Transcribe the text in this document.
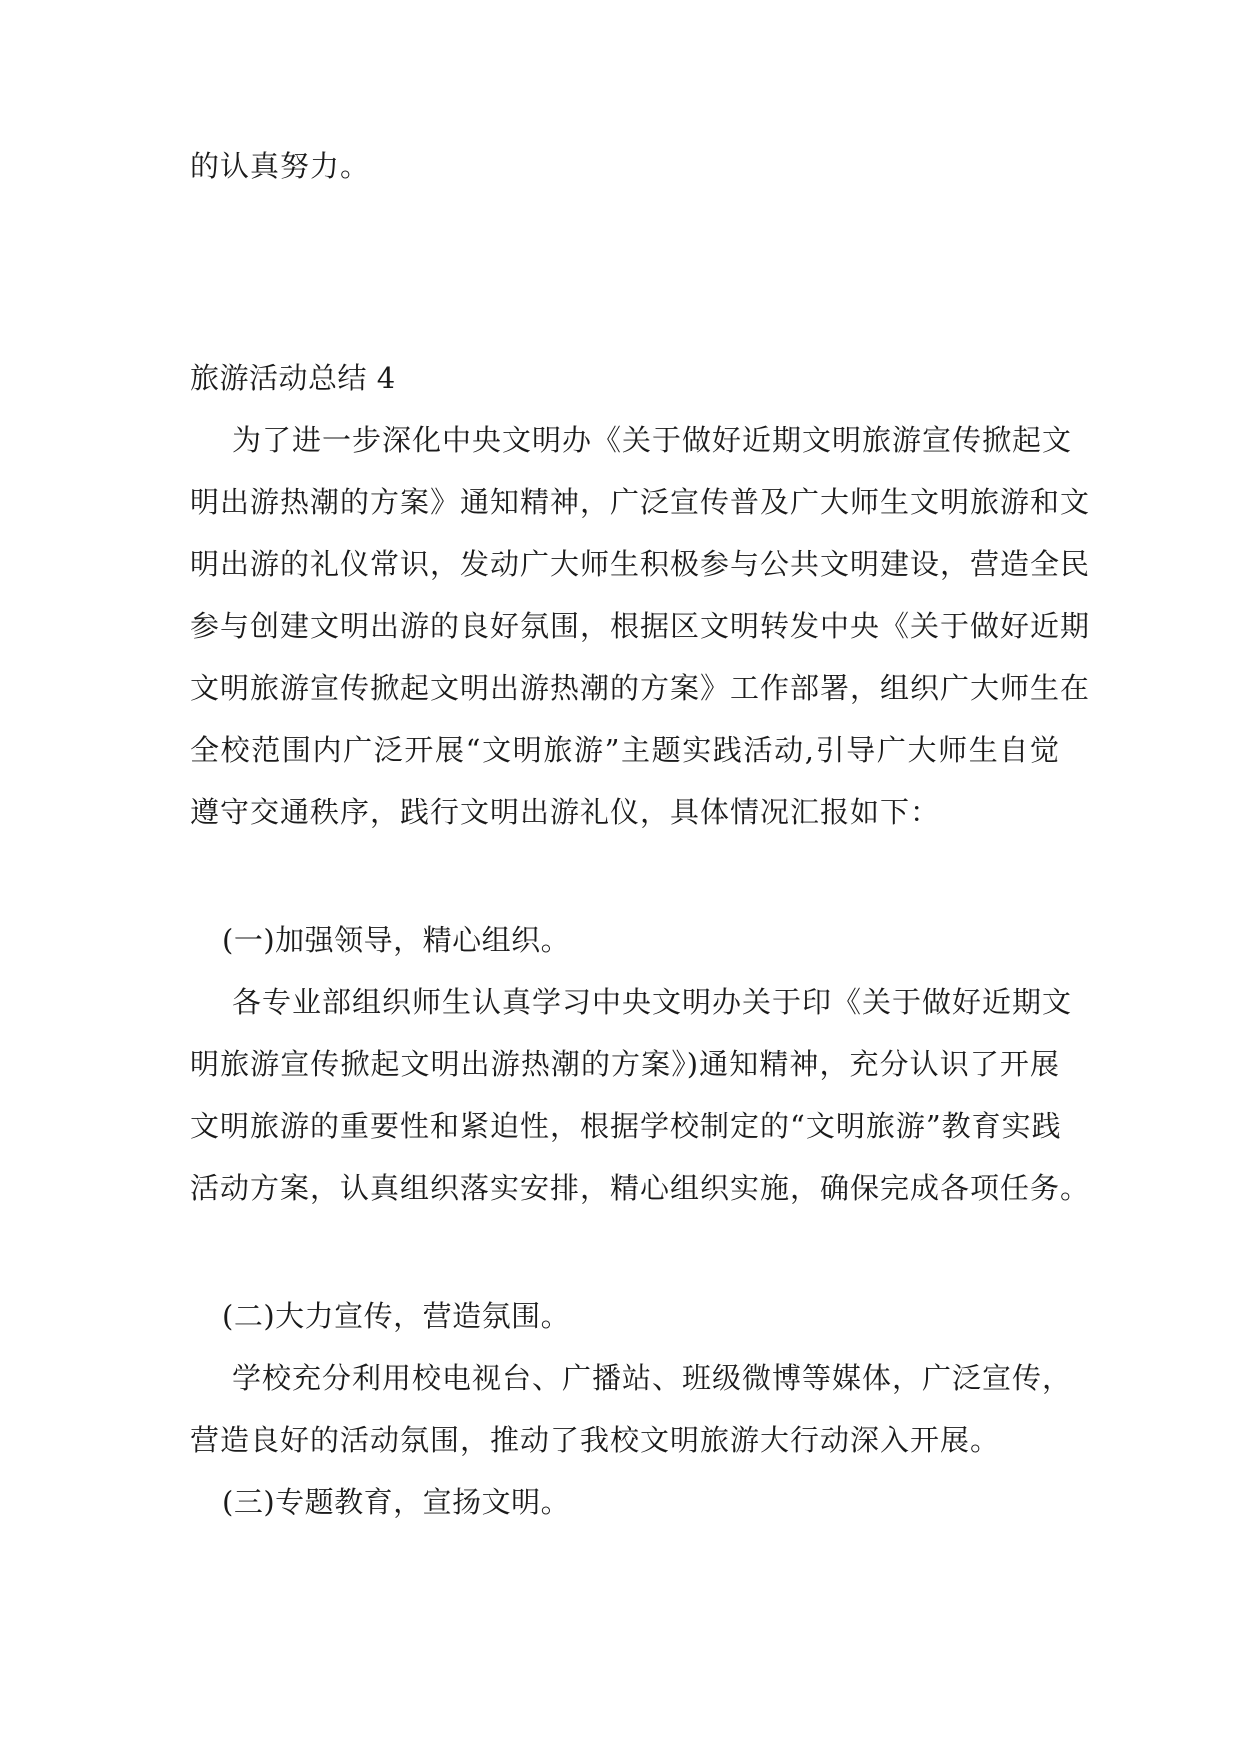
的认真努力。
旅游活动总结 4
为了进一步深化中央文明办《关于做好近期文明旅游宣传掀起文
明出游热潮的方案》通知精神，广泛宣传普及广大师生文明旅游和文
明出游的礼仪常识，发动广大师生积极参与公共文明建设，营造全民
参与创建文明出游的良好氛围，根据区文明转发中央《关于做好近期
文明旅游宣传掀起文明出游热潮的方案》工作部署，组织广大师生在
全校范围内广泛开展“文明旅游”主题实践活动,引导广大师生自觉
遵守交通秩序，践行文明出游礼仪，具体情况汇报如下：
(一)加强领导，精心组织。
各专业部组织师生认真学习中央文明办关于印《关于做好近期文
明旅游宣传掀起文明出游热潮的方案》)通知精神，充分认识了开展
文明旅游的重要性和紧迫性，根据学校制定的“文明旅游”教育实践
活动方案，认真组织落实安排，精心组织实施，确保完成各项任务。
(二)大力宣传，营造氛围。
学校充分利用校电视台、广播站、班级微博等媒体，广泛宣传，
营造良好的活动氛围，推动了我校文明旅游大行动深入开展。
(三)专题教育，宣扬文明。
